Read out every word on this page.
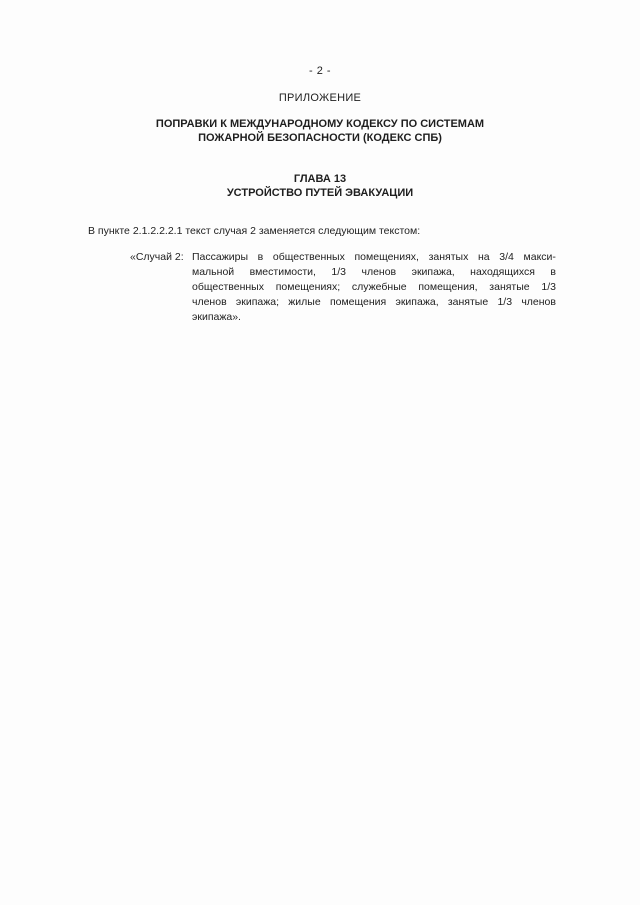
- 2 -
ПРИЛОЖЕНИЕ
ПОПРАВКИ К МЕЖДУНАРОДНОМУ КОДЕКСУ ПО СИСТЕМАМ
ПОЖАРНОЙ БЕЗОПАСНОСТИ (КОДЕКС СПБ)
ГЛАВА 13
УСТРОЙСТВО ПУТЕЙ ЭВАКУАЦИИ
В пункте 2.1.2.2.2.1 текст случая 2 заменяется следующим текстом:
«Случай 2: Пассажиры в общественных помещениях, занятых на 3/4 макси-
мальной вместимости, 1/3 членов экипажа, находящихся в
общественных помещениях; служебные помещения, занятые 1/3
членов экипажа; жилые помещения экипажа, занятые 1/3 членов
экипажа».
